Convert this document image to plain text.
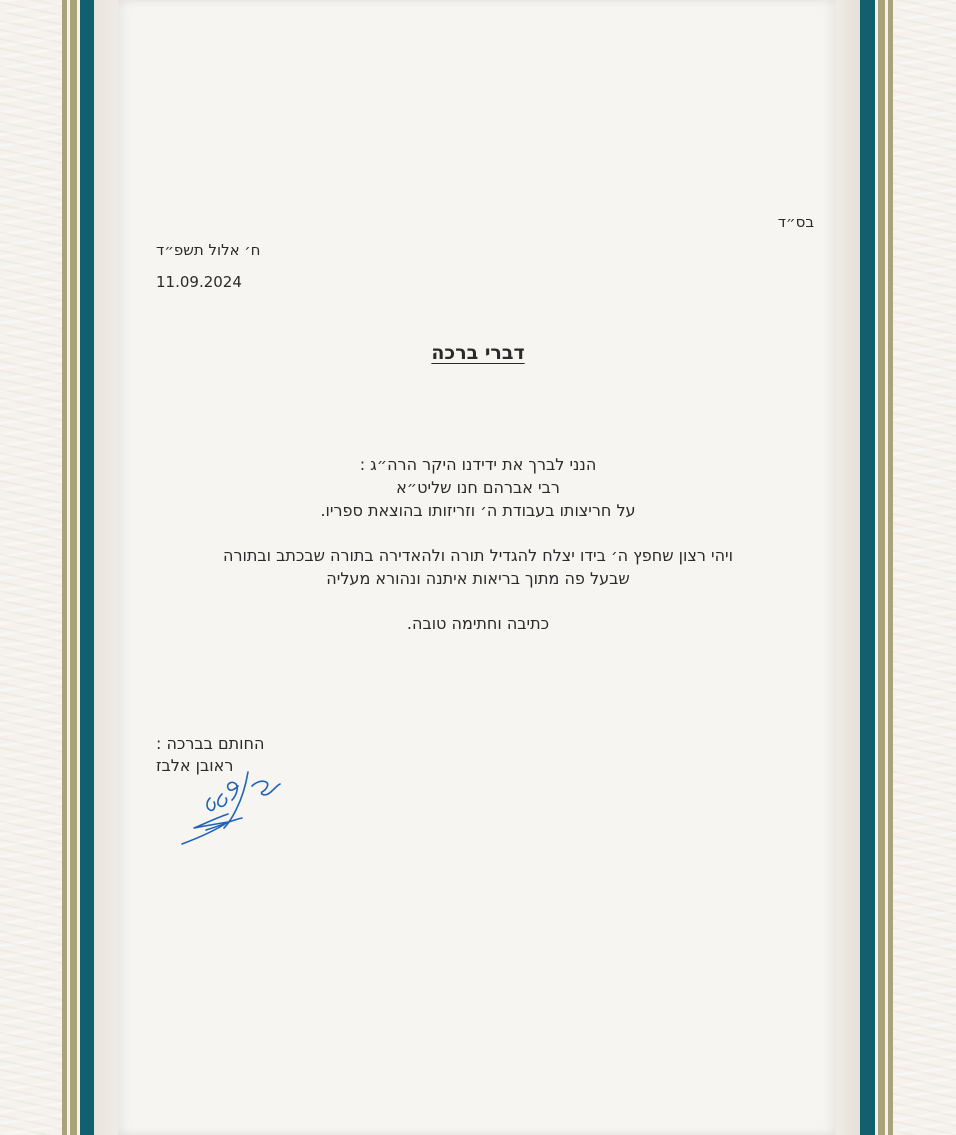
בס״ד
ח׳ אלול תשפ״ד
11.09.2024
דברי ברכה
הנני לברך את ידידנו היקר הרה״ג :
רבי אברהם חנו שליט״א
על חריצותו בעבודת ה׳ וזריזותו בהוצאת ספריו.
ויהי רצון שחפץ ה׳ בידו יצלח להגדיל תורה ולהאדירה בתורה שבכתב ובתורה
שבעל פה מתוך בריאות איתנה ונהורא מעליה
כתיבה וחתימה טובה.
החותם בברכה :
ראובן אלבז
